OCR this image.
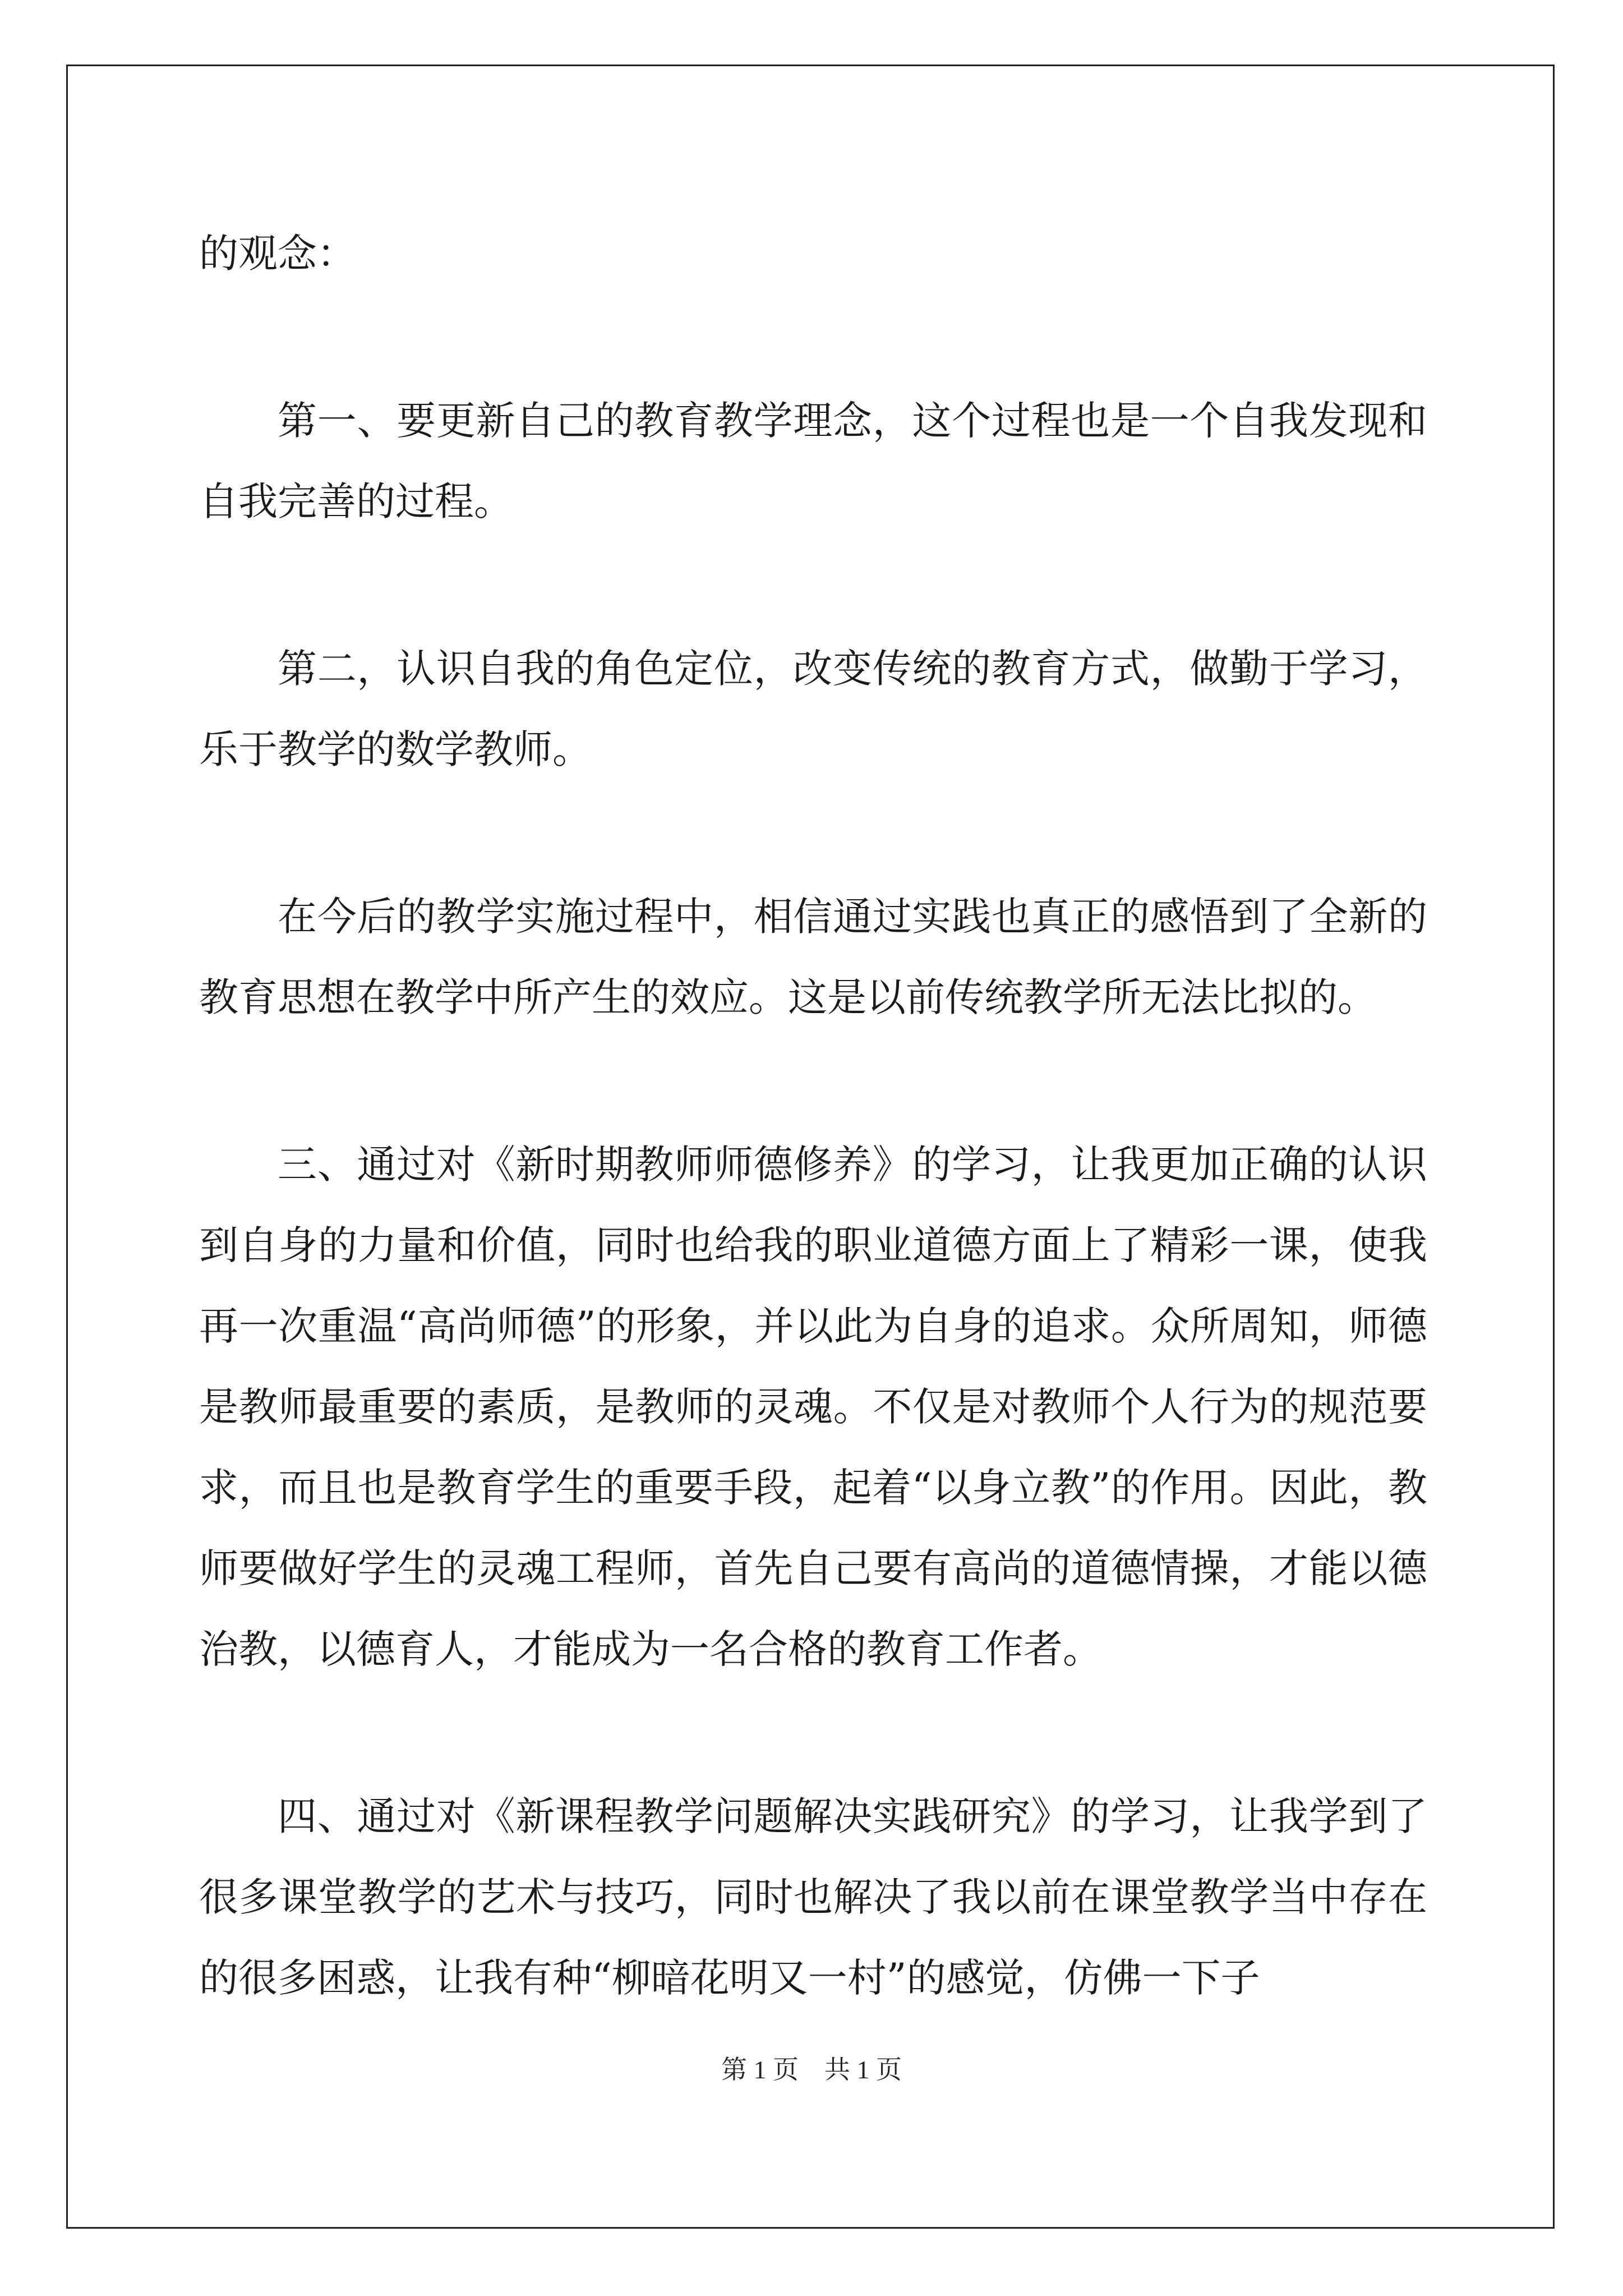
的观念：

第一、要更新自己的教育教学理念，这个过程也是一个自我发现和自我完善的过程。

第二，认识自我的角色定位，改变传统的教育方式，做勤于学习，乐于教学的数学教师。

在今后的教学实施过程中，相信通过实践也真正的感悟到了全新的教育思想在教学中所产生的效应。这是以前传统教学所无法比拟的。

三、通过对《新时期教师师德修养》的学习，让我更加正确的认识到自身的力量和价值，同时也给我的职业道德方面上了精彩一课，使我再一次重温“高尚师德”的形象，并以此为自身的追求。众所周知，师德是教师最重要的素质，是教师的灵魂。不仅是对教师个人行为的规范要求，而且也是教育学生的重要手段，起着“以身立教”的作用。因此，教师要做好学生的灵魂工程师，首先自己要有高尚的道德情操，才能以德治教，以德育人，才能成为一名合格的教育工作者。

四、通过对《新课程教学问题解决实践研究》的学习，让我学到了很多课堂教学的艺术与技巧，同时也解决了我以前在课堂教学当中存在的很多困惑，让我有种“柳暗花明又一村”的感觉，仿佛一下子

第 1 页　共 1 页
